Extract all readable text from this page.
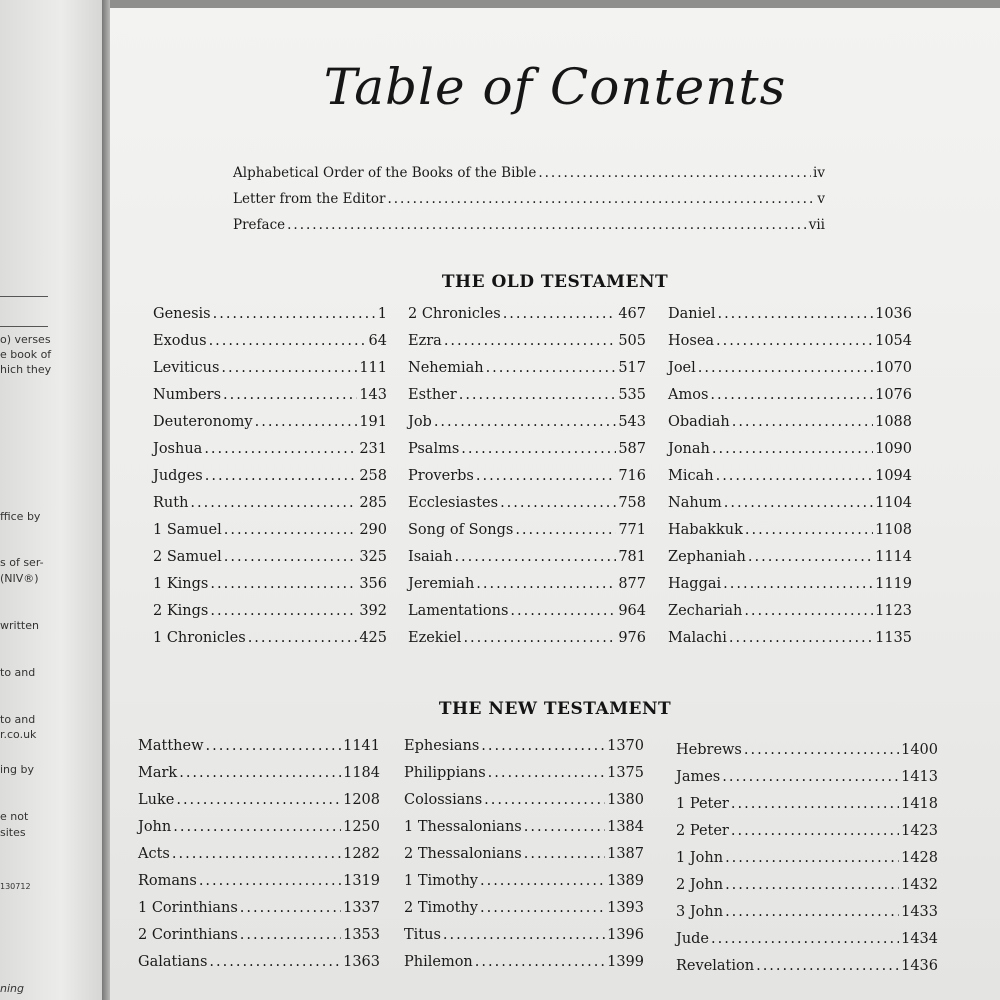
o) verses
e book of
hich they
ffice by
s of ser-
(NIV®)
written
to and
to and
r.co.uk
ing by
e not
sites
130712
ning
Table of Contents
Alphabetical Order of the Books of the Bible .....	iv
Letter from the Editor .....	v
Preface .....	vii
THE OLD TESTAMENT
Genesis .....	1
Exodus .....	64
Leviticus .....	111
Numbers .....	143
Deuteronomy .....	191
Joshua .....	231
Judges .....	258
Ruth .....	285
1 Samuel .....	290
2 Samuel .....	325
1 Kings .....	356
2 Kings .....	392
1 Chronicles .....	425
2 Chronicles .....	467
Ezra .....	505
Nehemiah .....	517
Esther .....	535
Job .....	543
Psalms .....	587
Proverbs .....	716
Ecclesiastes .....	758
Song of Songs .....	771
Isaiah .....	781
Jeremiah .....	877
Lamentations .....	964
Ezekiel .....	976
Daniel .....	1036
Hosea .....	1054
Joel .....	1070
Amos .....	1076
Obadiah .....	1088
Jonah .....	1090
Micah .....	1094
Nahum .....	1104
Habakkuk .....	1108
Zephaniah .....	1114
Haggai .....	1119
Zechariah .....	1123
Malachi .....	1135
THE NEW TESTAMENT
Matthew .....	1141
Mark .....	1184
Luke .....	1208
John .....	1250
Acts .....	1282
Romans .....	1319
1 Corinthians .....	1337
2 Corinthians .....	1353
Galatians .....	1363
Ephesians .....	1370
Philippians .....	1375
Colossians .....	1380
1 Thessalonians .....	1384
2 Thessalonians .....	1387
1 Timothy .....	1389
2 Timothy .....	1393
Titus .....	1396
Philemon .....	1399
Hebrews .....	1400
James .....	1413
1 Peter .....	1418
2 Peter .....	1423
1 John .....	1428
2 John .....	1432
3 John .....	1433
Jude .....	1434
Revelation .....	1436
